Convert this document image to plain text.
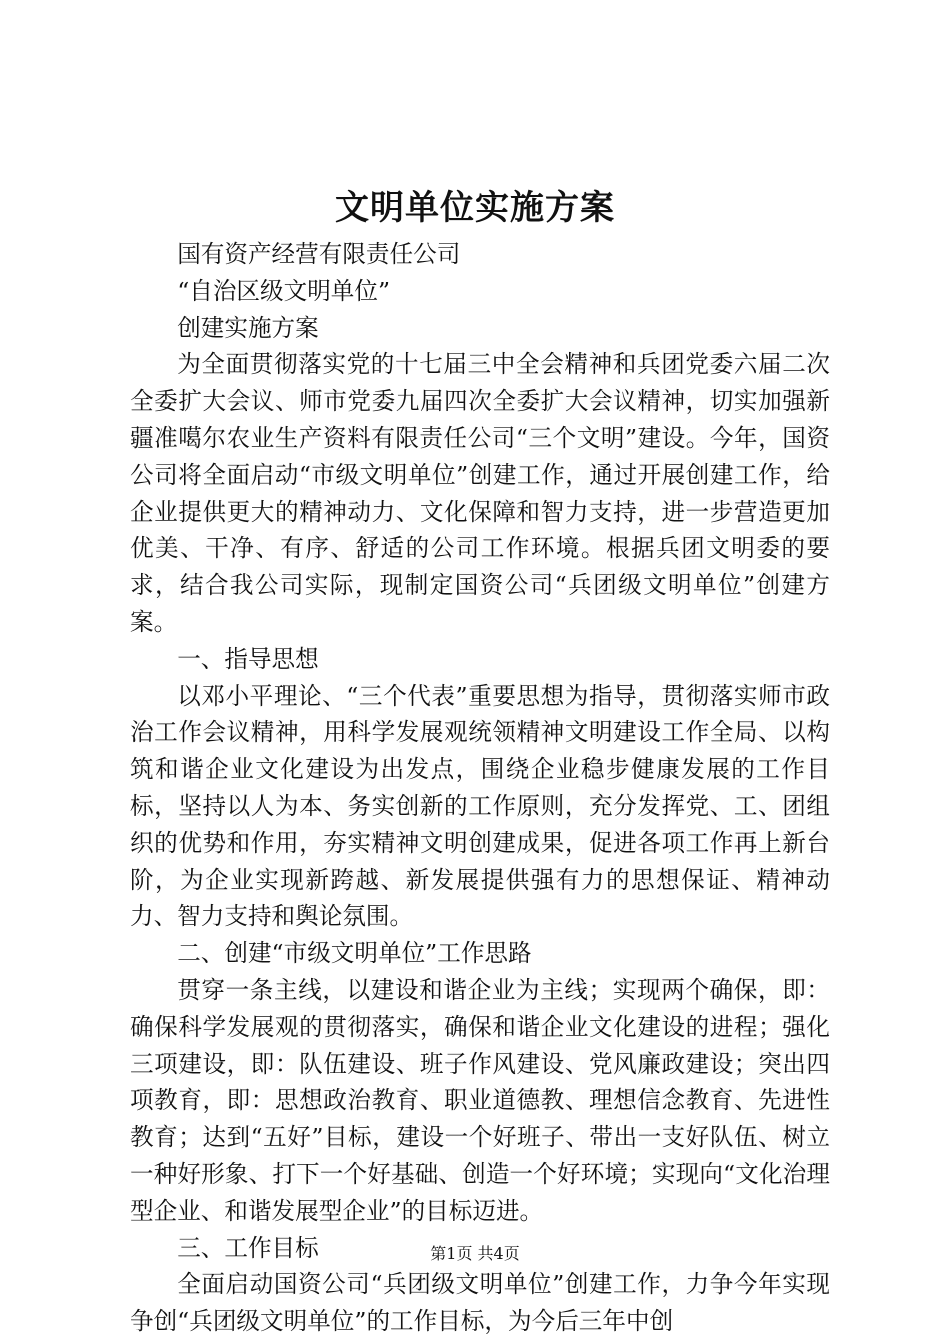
文明单位实施方案

国有资产经营有限责任公司

“自治区级文明单位”

创建实施方案

为全面贯彻落实党的十七届三中全会精神和兵团党委六届二次全委扩大会议、师市党委九届四次全委扩大会议精神，切实加强新疆准噶尔农业生产资料有限责任公司“三个文明”建设。今年，国资公司将全面启动“市级文明单位”创建工作，通过开展创建工作，给企业提供更大的精神动力、文化保障和智力支持，进一步营造更加优美、干净、有序、舒适的公司工作环境。根据兵团文明委的要求，结合我公司实际，现制定国资公司“兵团级文明单位”创建方案。

一、指导思想

以邓小平理论、“三个代表”重要思想为指导，贯彻落实师市政治工作会议精神，用科学发展观统领精神文明建设工作全局、以构筑和谐企业文化建设为出发点，围绕企业稳步健康发展的工作目标，坚持以人为本、务实创新的工作原则，充分发挥党、工、团组织的优势和作用，夯实精神文明创建成果，促进各项工作再上新台阶，为企业实现新跨越、新发展提供强有力的思想保证、精神动力、智力支持和舆论氛围。

二、创建“市级文明单位”工作思路

贯穿一条主线，以建设和谐企业为主线；实现两个确保，即：确保科学发展观的贯彻落实，确保和谐企业文化建设的进程；强化三项建设，即：队伍建设、班子作风建设、党风廉政建设；突出四项教育，即：思想政治教育、职业道德教、理想信念教育、先进性教育；达到“五好”目标，建设一个好班子、带出一支好队伍、树立一种好形象、打下一个好基础、创造一个好环境；实现向“文化治理型企业、和谐发展型企业”的目标迈进。

三、工作目标

全面启动国资公司“兵团级文明单位”创建工作，力争今年实现争创“兵团级文明单位”的工作目标，为今后三年中创

第1页 共4页
